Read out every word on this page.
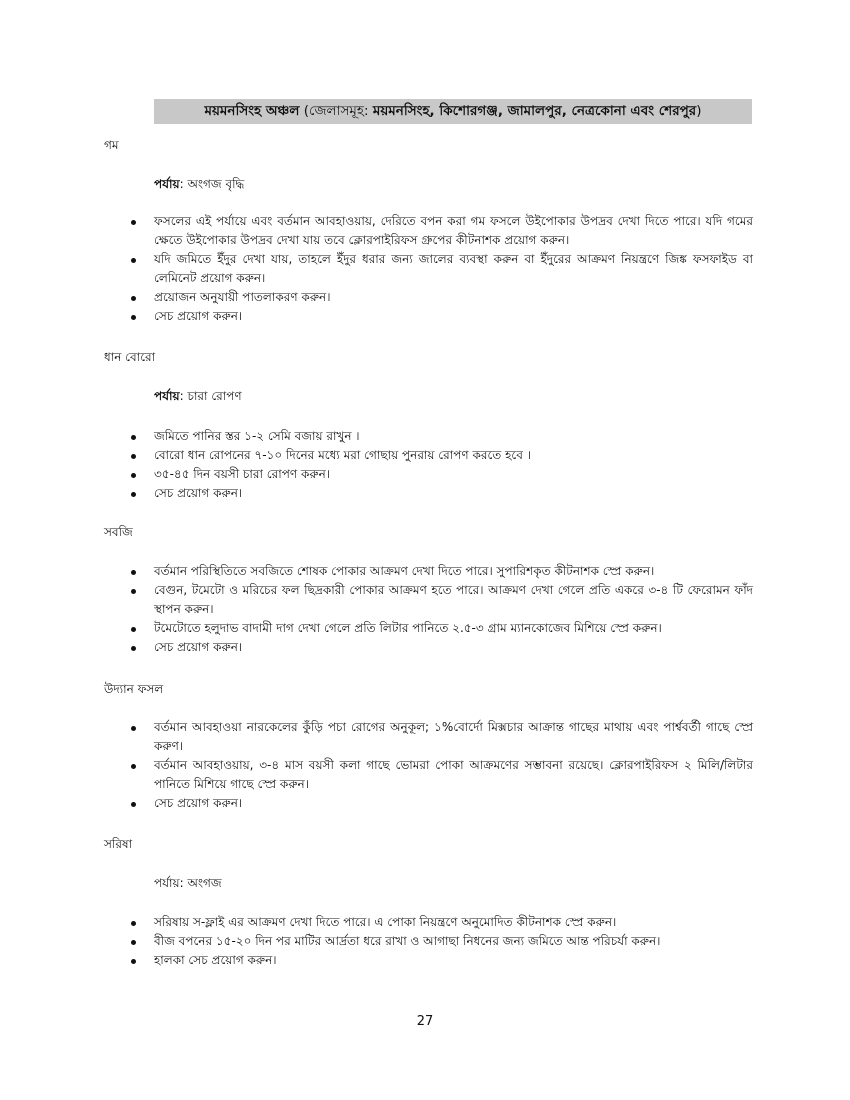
ময়মনসিংহ অঞ্চল (জেলাসমূহ: ময়মনসিংহ, কিশোরগঞ্জ, জামালপুর, নেত্রকোনা এবং শেরপুর)
গম
পর্যায়: অংগজ বৃদ্ধি
ফসলের এই পর্যায়ে এবং বর্তমান আবহাওয়ায়, দেরিতে বপন করা গম ফসলে উইপোকার উপদ্রব দেখা দিতে পারে। যদি গমের ক্ষেতে উইপোকার উপদ্রব দেখা যায় তবে ক্লোরপাইরিফস গ্রুপের কীটনাশক প্রয়োগ করুন।
যদি জমিতে ইঁদুর দেখা যায়, তাহলে ইঁদুর ধরার জন্য জালের ব্যবস্থা করুন বা ইঁদুরের আক্রমণ নিয়ন্ত্রণে জিঙ্ক ফসফাইড বা লেমিনেট প্রয়োগ করুন।
প্রয়োজন অনুযায়ী পাতলাকরণ করুন।
সেচ প্রয়োগ করুন।
ধান বোরো
পর্যায়: চারা রোপণ
জমিতে পানির স্তর ১-২ সেমি বজায় রাখুন ।
বোরো ধান রোপনের ৭-১০ দিনের মধ্যে মরা গোছায় পুনরায় রোপণ করতে হবে ।
৩৫-৪৫ দিন বয়সী চারা রোপণ করুন।
সেচ প্রয়োগ করুন।
সবজি
বর্তমান পরিস্থিতিতে সবজিতে শোষক পোকার আক্রমণ দেখা দিতে পারে। সুপারিশকৃত কীটনাশক স্প্রে করুন।
বেগুন, টমেটো ও মরিচের ফল ছিদ্রকারী পোকার আক্রমণ হতে পারে। আক্রমণ দেখা গেলে প্রতি একরে ৩-৪ টি ফেরোমন ফাঁদ স্থাপন করুন।
টমেটোতে হলুদাভ বাদামী দাগ দেখা গেলে প্রতি লিটার পানিতে ২.৫-৩ গ্রাম ম্যানকোজেব মিশিয়ে স্প্রে করুন।
সেচ প্রয়োগ করুন।
উদ্যান ফসল
বর্তমান আবহাওয়া নারকেলের কুঁড়ি পচা রোগের অনুকূল; ১%বোর্দো মিক্সচার আক্রান্ত গাছের মাথায় এবং পার্শ্ববর্তী গাছে স্প্রে করুণ।
বর্তমান আবহাওয়ায়, ৩-৪ মাস বয়সী কলা গাছে ভোমরা পোকা আক্রমণের সম্ভাবনা রয়েছে। ক্লোরপাইরিফস ২ মিলি/লিটার পানিতে মিশিয়ে গাছে স্প্রে করুন।
সেচ প্রয়োগ করুন।
সরিষা
পর্যায়: অংগজ
সরিষায় স-ফ্লাই এর আক্রমণ দেখা দিতে পারে। এ পোকা নিয়ন্ত্রণে অনুমোদিত কীটনাশক স্প্রে করুন।
বীজ বপনের ১৫-২০ দিন পর মাটির আর্দ্রতা ধরে রাখা ও আগাছা নিধনের জন্য জমিতে আন্ত পরিচর্যা করুন।
হালকা সেচ প্রয়োগ করুন।
27
